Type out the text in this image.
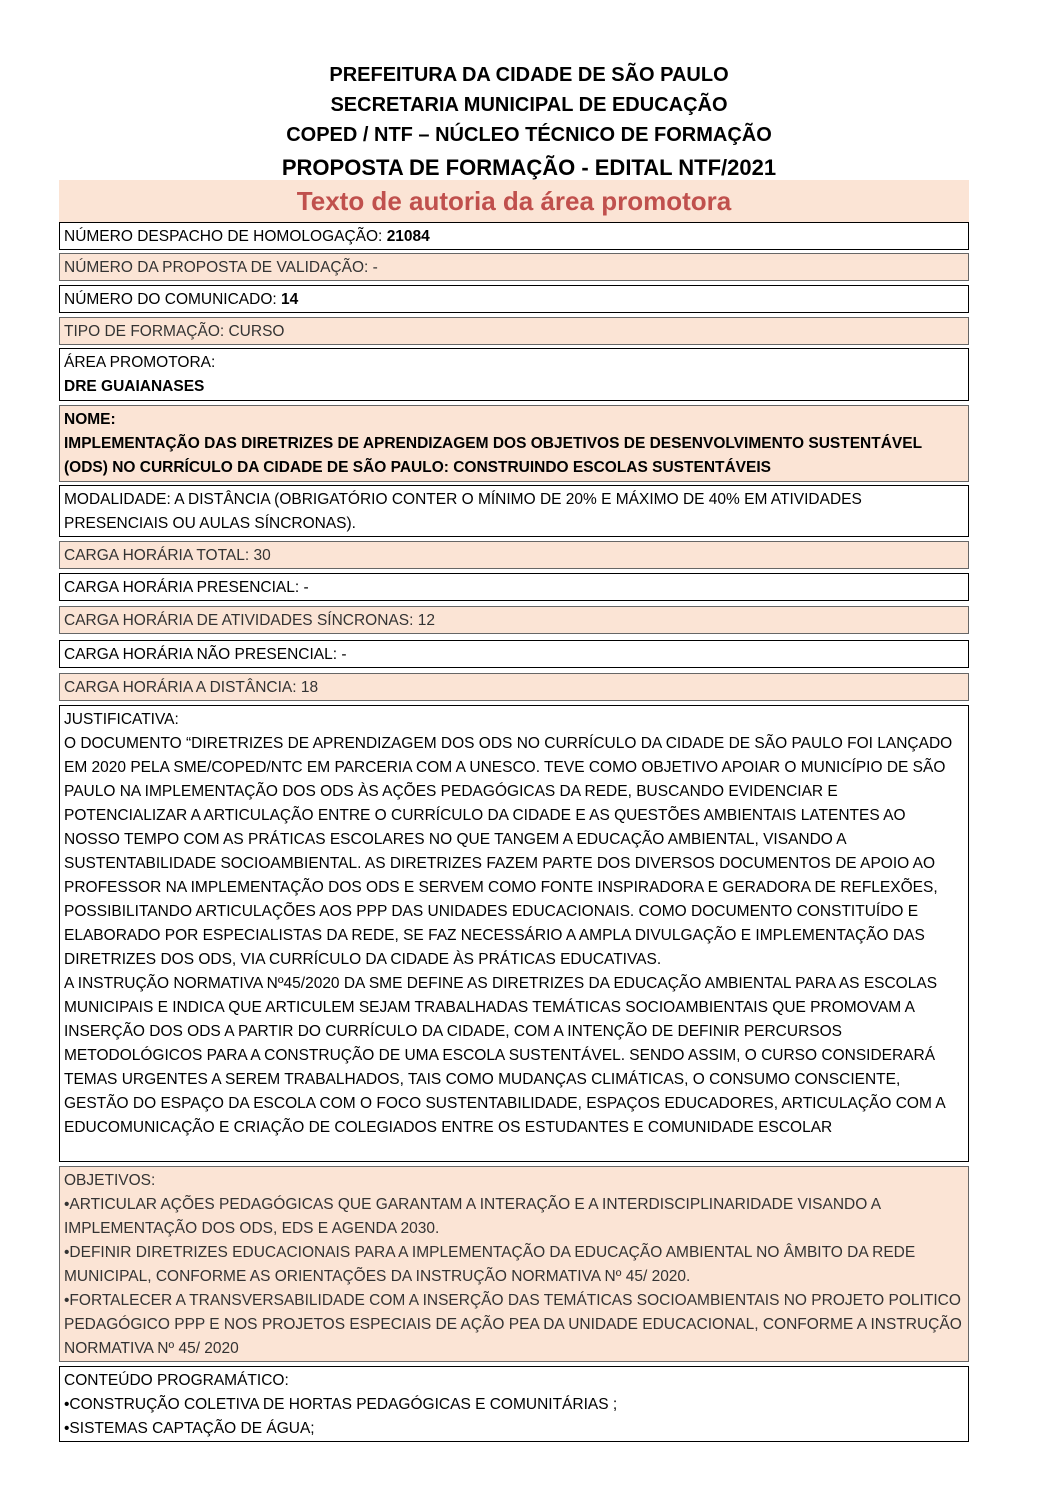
PREFEITURA DA CIDADE DE SÃO PAULO
SECRETARIA MUNICIPAL DE EDUCAÇÃO
COPED / NTF – NÚCLEO TÉCNICO DE FORMAÇÃO
PROPOSTA DE FORMAÇÃO - EDITAL NTF/2021
Texto de autoria da área promotora
NÚMERO DESPACHO DE HOMOLOGAÇÃO: 21084
NÚMERO DA PROPOSTA DE VALIDAÇÃO: -
NÚMERO DO COMUNICADO: 14
TIPO DE FORMAÇÃO: CURSO
ÁREA PROMOTORA:
DRE GUAIANASES
NOME:
IMPLEMENTAÇÃO DAS DIRETRIZES DE APRENDIZAGEM DOS OBJETIVOS DE DESENVOLVIMENTO SUSTENTÁVEL (ODS) NO CURRÍCULO DA CIDADE DE SÃO PAULO: CONSTRUINDO ESCOLAS SUSTENTÁVEIS
MODALIDADE: A DISTÂNCIA (OBRIGATÓRIO CONTER O MÍNIMO DE 20% E MÁXIMO DE 40% EM ATIVIDADES PRESENCIAIS OU AULAS SÍNCRONAS).
CARGA HORÁRIA TOTAL: 30
CARGA HORÁRIA PRESENCIAL: -
CARGA HORÁRIA DE ATIVIDADES SÍNCRONAS: 12
CARGA HORÁRIA NÃO PRESENCIAL: -
CARGA HORÁRIA A DISTÂNCIA: 18
JUSTIFICATIVA:
O DOCUMENTO “DIRETRIZES DE APRENDIZAGEM DOS ODS NO CURRÍCULO DA CIDADE DE SÃO PAULO FOI LANÇADO EM 2020 PELA SME/COPED/NTC EM PARCERIA COM A UNESCO. TEVE COMO OBJETIVO APOIAR O MUNICÍPIO DE SÃO PAULO NA IMPLEMENTAÇÃO DOS ODS ÀS AÇÕES PEDAGÓGICAS DA REDE, BUSCANDO EVIDENCIAR E POTENCIALIZAR A ARTICULAÇÃO ENTRE O CURRÍCULO DA CIDADE E AS QUESTÕES AMBIENTAIS LATENTES AO NOSSO TEMPO COM AS PRÁTICAS ESCOLARES NO QUE TANGEM A EDUCAÇÃO AMBIENTAL, VISANDO A SUSTENTABILIDADE SOCIOAMBIENTAL. AS DIRETRIZES FAZEM PARTE DOS DIVERSOS DOCUMENTOS DE APOIO AO PROFESSOR NA IMPLEMENTAÇÃO DOS ODS E SERVEM COMO FONTE INSPIRADORA E GERADORA DE REFLEXÕES, POSSIBILITANDO ARTICULAÇÕES AOS PPP DAS UNIDADES EDUCACIONAIS. COMO DOCUMENTO CONSTITUÍDO E ELABORADO POR ESPECIALISTAS DA REDE, SE FAZ NECESSÁRIO A AMPLA DIVULGAÇÃO E IMPLEMENTAÇÃO DAS DIRETRIZES DOS ODS, VIA CURRÍCULO DA CIDADE ÀS PRÁTICAS EDUCATIVAS.
A INSTRUÇÃO NORMATIVA Nº45/2020 DA SME DEFINE AS DIRETRIZES DA EDUCAÇÃO AMBIENTAL PARA AS ESCOLAS MUNICIPAIS E INDICA QUE ARTICULEM SEJAM TRABALHADAS TEMÁTICAS SOCIOAMBIENTAIS QUE PROMOVAM A INSERÇÃO DOS ODS A PARTIR DO CURRÍCULO DA CIDADE, COM A INTENÇÃO DE DEFINIR PERCURSOS METODOLÓGICOS PARA A CONSTRUÇÃO DE UMA ESCOLA SUSTENTÁVEL. SENDO ASSIM, O CURSO CONSIDERARÁ TEMAS URGENTES A SEREM TRABALHADOS, TAIS COMO MUDANÇAS CLIMÁTICAS, O CONSUMO CONSCIENTE, GESTÃO DO ESPAÇO DA ESCOLA COM O FOCO SUSTENTABILIDADE, ESPAÇOS EDUCADORES, ARTICULAÇÃO COM A EDUCOMUNICAÇÃO E CRIAÇÃO DE COLEGIADOS ENTRE OS ESTUDANTES E COMUNIDADE ESCOLAR
OBJETIVOS:
•ARTICULAR AÇÕES PEDAGÓGICAS QUE GARANTAM A INTERAÇÃO E A INTERDISCIPLINARIDADE VISANDO A IMPLEMENTAÇÃO DOS ODS, EDS E AGENDA 2030.
•DEFINIR DIRETRIZES EDUCACIONAIS PARA A IMPLEMENTAÇÃO DA EDUCAÇÃO AMBIENTAL NO ÂMBITO DA REDE MUNICIPAL, CONFORME AS ORIENTAÇÕES DA INSTRUÇÃO NORMATIVA Nº 45/ 2020.
•FORTALECER A TRANSVERSABILIDADE COM A INSERÇÃO DAS TEMÁTICAS SOCIOAMBIENTAIS NO PROJETO POLITICO PEDAGÓGICO PPP E NOS PROJETOS ESPECIAIS DE AÇÃO PEA DA UNIDADE EDUCACIONAL, CONFORME A INSTRUÇÃO NORMATIVA Nº 45/ 2020
CONTEÚDO PROGRAMÁTICO:
•CONSTRUÇÃO COLETIVA DE HORTAS PEDAGÓGICAS E COMUNITÁRIAS ;
•SISTEMAS CAPTAÇÃO DE ÁGUA;
